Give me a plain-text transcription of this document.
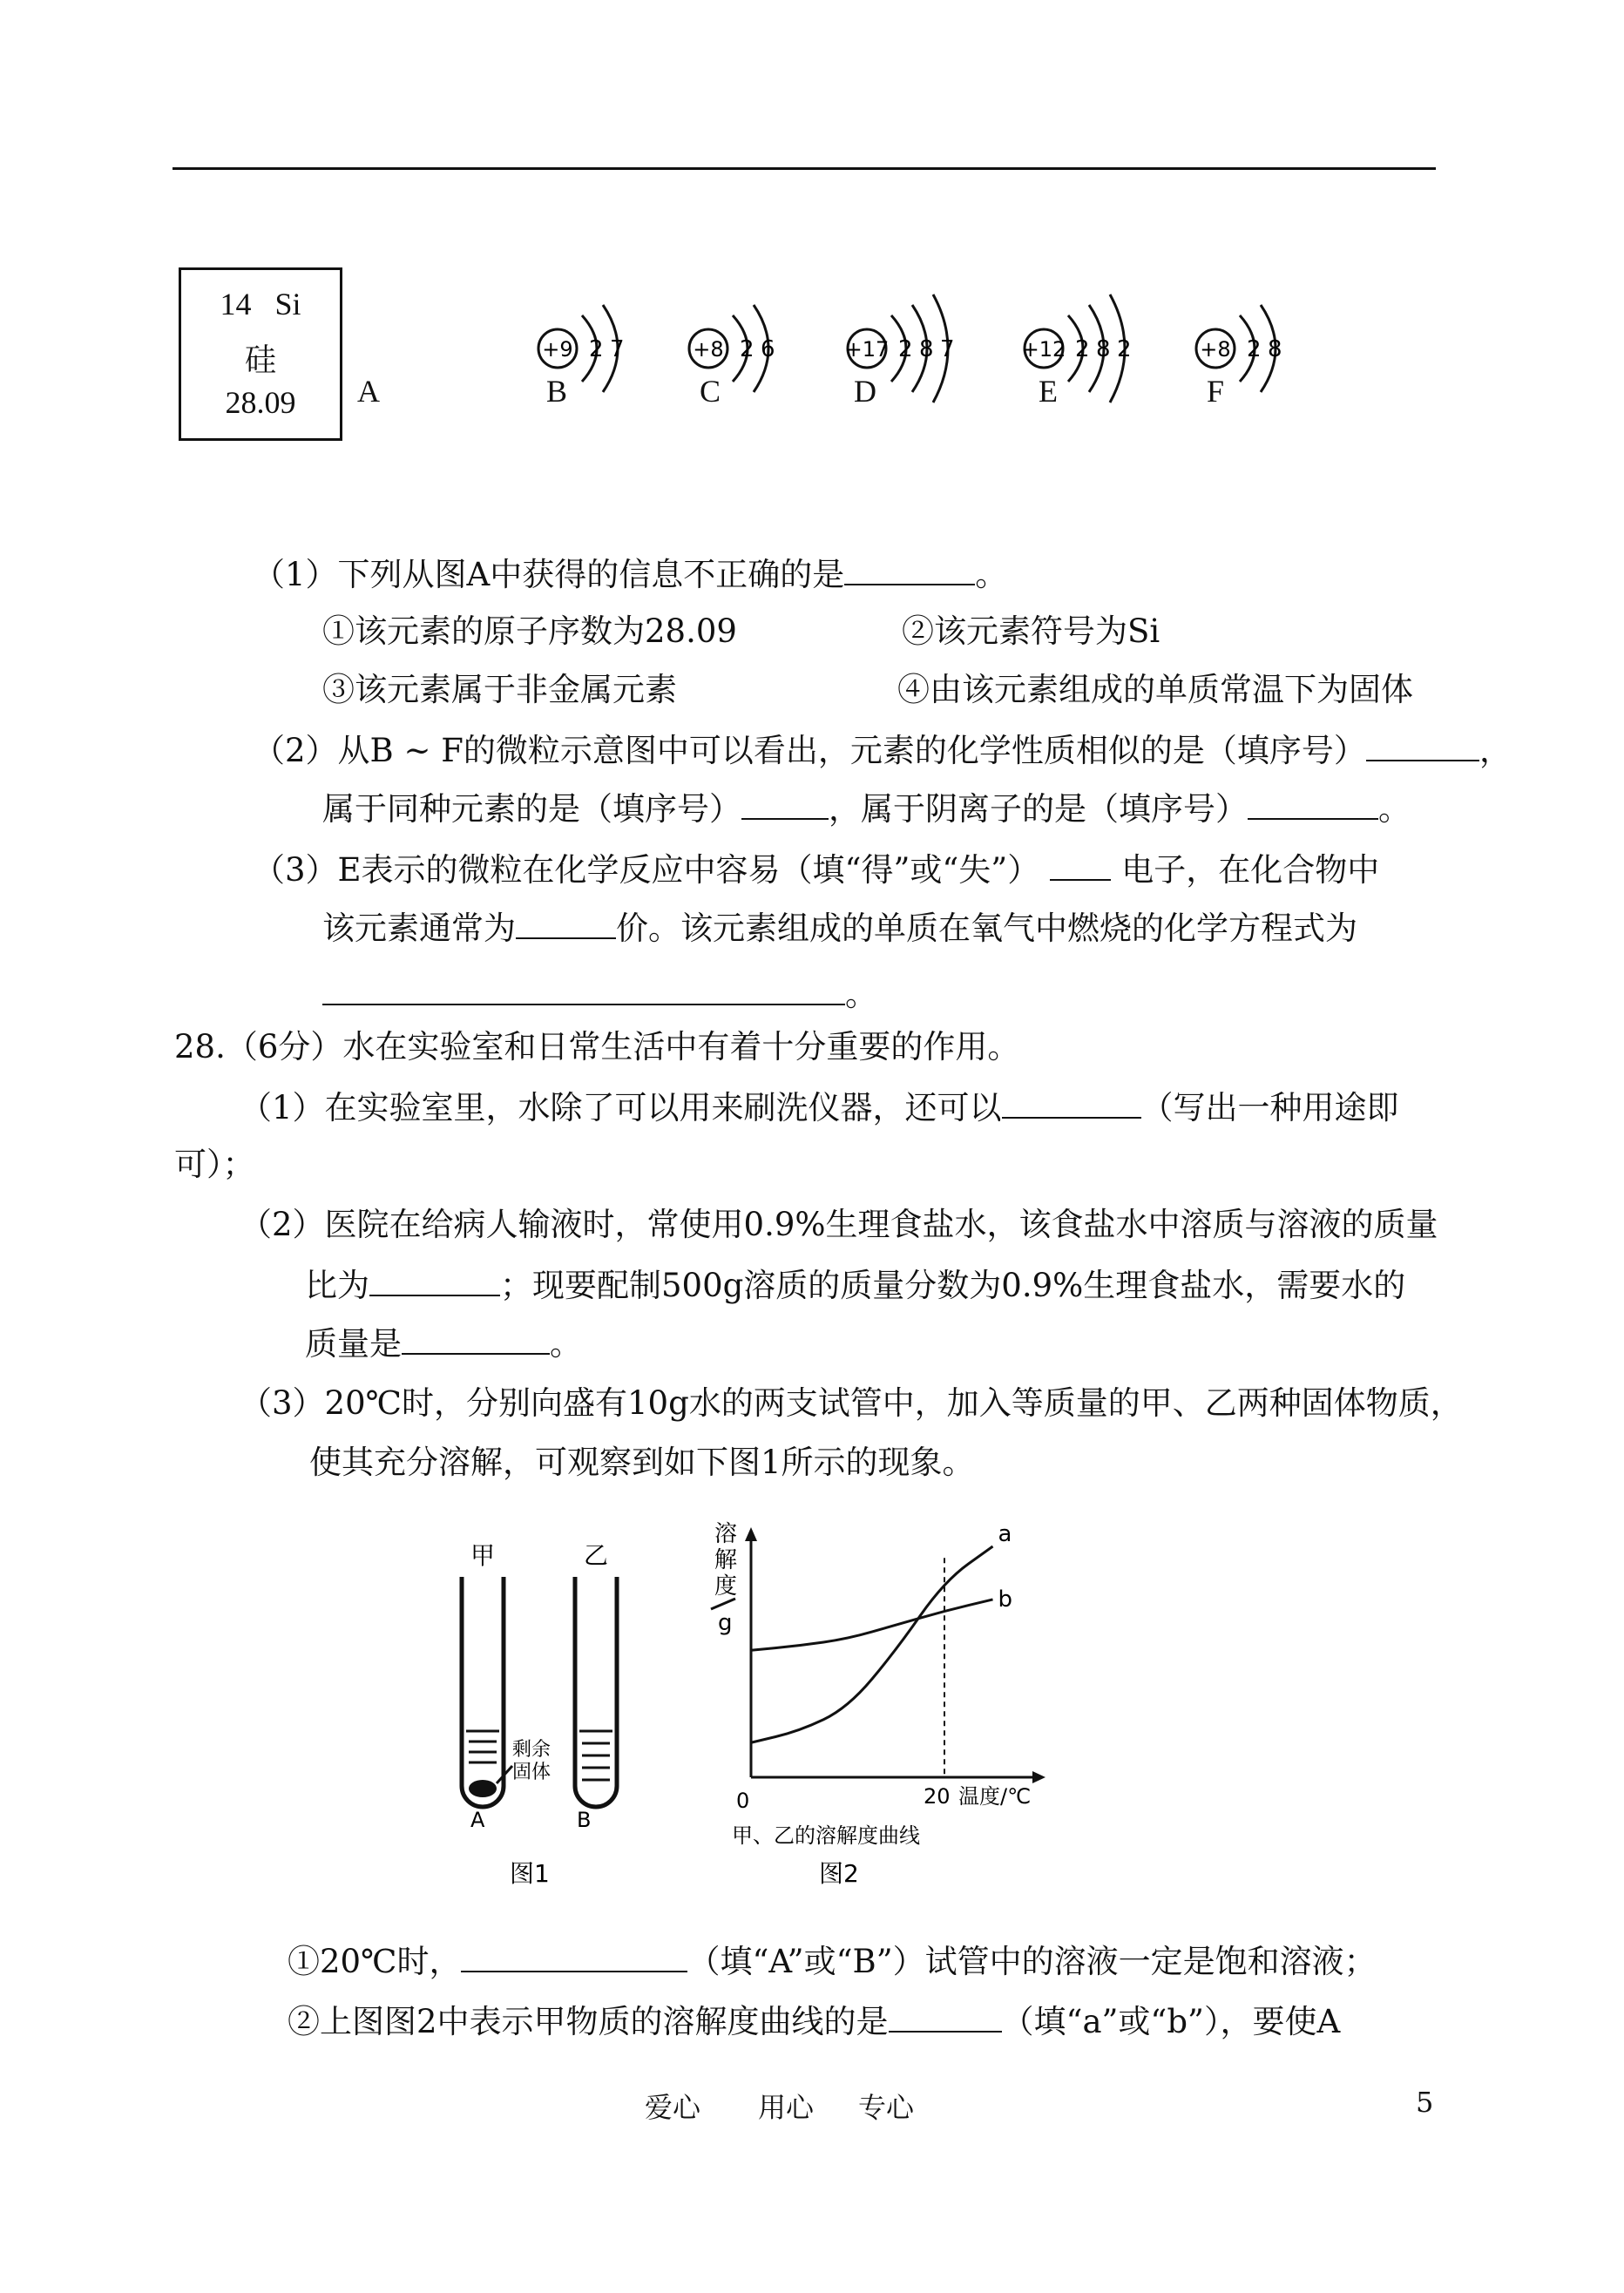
14 Si
硅
28.09
+9 2 7	+8 2 6	+17 2 8 7	+12 2 8 2	+8 2 8
A	B	C	D	E	F
（1）下列从图A中获得的信息不正确的是	。
①该元素的原子序数为28.09	②该元素符号为Si
③该元素属于非金属元素	④由该元素组成的单质常温下为固体
（2）从B ~ F的微粒示意图中可以看出，元素的化学性质相似的是（填序号）	，
属于同种元素的是（填序号）	，属于阴离子的是（填序号）	。
（3）E表示的微粒在化学反应中容易（填“得”或“失”）	电子，在化合物中
该元素通常为	价。该元素组成的单质在氧气中燃烧的化学方程式为
。
28.（6分）水在实验室和日常生活中有着十分重要的作用。
（1）在实验室里，水除了可以用来刷洗仪器，还可以	（写出一种用途即
可）；
（2）医院在给病人输液时，常使用0.9%生理食盐水，该食盐水中溶质与溶液的质量
比为	；现要配制500g溶质的质量分数为0.9%生理食盐水，需要水的
质量是	。
（3）20℃时，分别向盛有10g水的两支试管中，加入等质量的甲、乙两种固体物质，
使其充分溶解，可观察到如下图1所示的现象。
甲	乙
剩余
固体
A	B
图1
溶
解
度
g
a
b
0	20 温度/℃
甲、乙的溶解度曲线
图2
①20℃时，	（填“A”或“B”）试管中的溶液一定是饱和溶液；
②上图图2中表示甲物质的溶解度曲线的是	（填“a”或“b”），要使A
爱心 用心 专心	5
